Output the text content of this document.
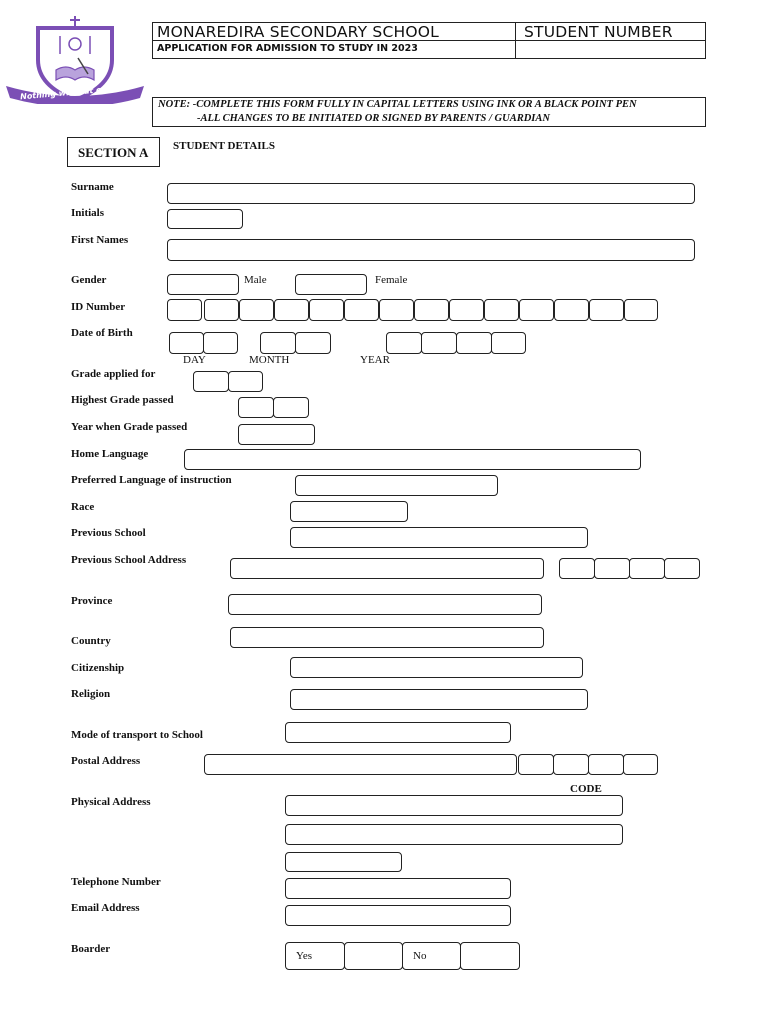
Nothing without effort
MONAREDIRA SECONDARY SCHOOL
APPLICATION FOR ADMISSION TO STUDY IN 2023
STUDENT NUMBER
NOTE: -COMPLETE THIS FORM FULLY IN CAPITAL LETTERS USING INK OR A BLACK POINT PEN
-ALL CHANGES TO BE INITIATED OR SIGNED BY PARENTS / GUARDIAN
SECTION A STUDENT DETAILS
Surname
Initials
First Names
Gender	Male	Female
ID Number
Date of Birth
DAY	MONTH	YEAR
Grade applied for
Highest Grade passed
Year when Grade passed
Home Language
Preferred Language of instruction
Race
Previous School
Previous School Address
Province
Country
Citizenship
Religion
Mode of transport to School
Postal Address
CODE
Physical Address
Telephone Number
Email Address
Boarder
Yes	No
